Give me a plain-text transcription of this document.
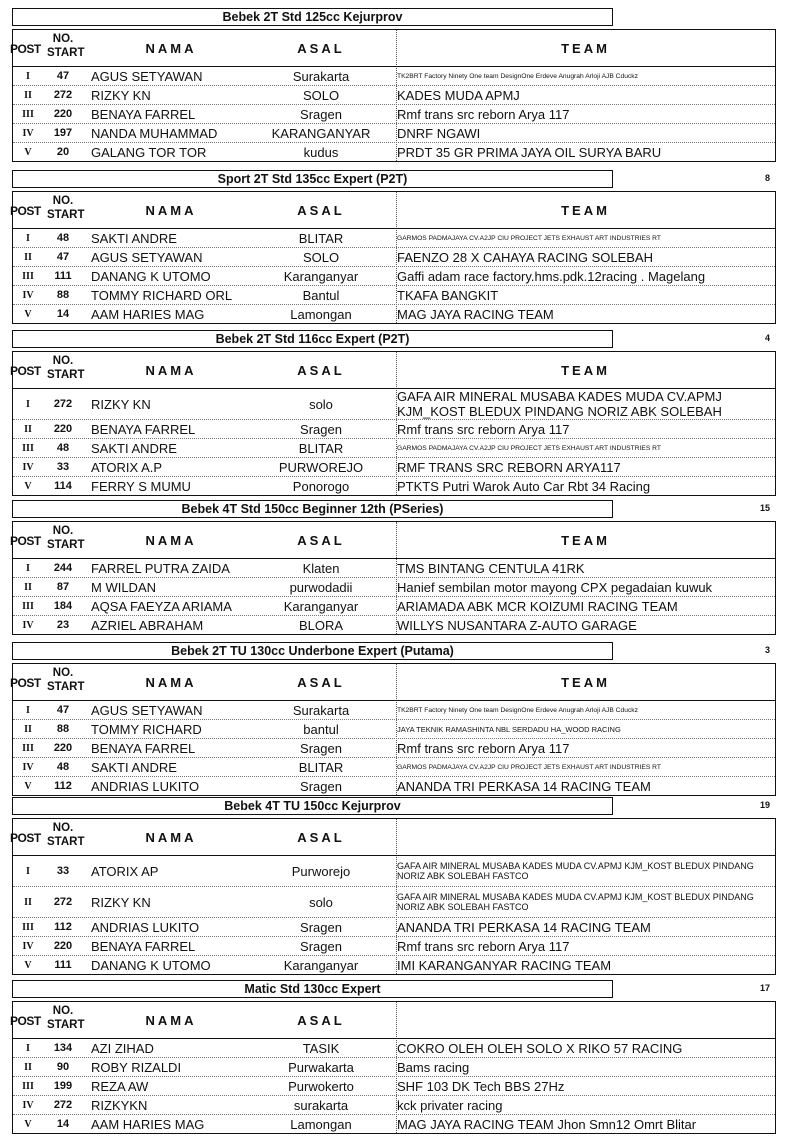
Bebek 2T Std 125cc Kejurprov
POST
NO.
START	NAMA	ASAL	TEAM
I	47	AGUS SETYAWAN	Surakarta	TK2BRT Factory Ninety One team DesignOne Erdeve Anugrah Arloji AJB Cduckz
II	272	RIZKY KN	SOLO	KADES MUDA APMJ
III	220	BENAYA FARREL	Sragen	Rmf trans src reborn Arya 117
IV	197	NANDA MUHAMMAD	KARANGANYAR	DNRF NGAWI
V	20	GALANG TOR TOR	kudus	PRDT 35 GR PRIMA JAYA OIL SURYA BARU
Sport 2T Std 135cc Expert (P2T)	8
POST
NO.
START	NAMA	ASAL	TEAM
I	48	SAKTI ANDRE	BLITAR	GARMOS PADMAJAYA CV.A2JP CIU PROJECT JETS EXHAUST ART INDUSTRIES RT
II	47	AGUS SETYAWAN	SOLO	FAENZO 28 X CAHAYA RACING SOLEBAH
III	111	DANANG K UTOMO	Karanganyar	Gaffi adam race factory.hms.pdk.12racing . Magelang
IV	88	TOMMY RICHARD ORL	Bantul	TKAFA BANGKIT
V	14	AAM HARIES MAG	Lamongan	MAG JAYA RACING TEAM
Bebek 2T Std 116cc Expert (P2T)	4
POST
NO.
START	NAMA	ASAL	TEAM
I	272	RIZKY KN	solo	GAFA AIR MINERAL MUSABA KADES MUDA CV.APMJ KJM_KOST BLEDUX PINDANG NORIZ ABK SOLEBAH
II	220	BENAYA FARREL	Sragen	Rmf trans src reborn Arya 117
III	48	SAKTI ANDRE	BLITAR	GARMOS PADMAJAYA CV.A2JP CIU PROJECT JETS EXHAUST ART INDUSTRIES RT
IV	33	ATORIX A.P	PURWOREJO	RMF TRANS SRC REBORN ARYA117
V	114	FERRY S MUMU	Ponorogo	PTKTS Putri Warok Auto Car Rbt 34 Racing
Bebek 4T Std 150cc Beginner 12th (PSeries)	15
POST
NO.
START	NAMA	ASAL	TEAM
I	244	FARREL PUTRA ZAIDA	Klaten	TMS BINTANG CENTULA 41RK
II	87	M WILDAN	purwodadii	Hanief sembilan motor mayong CPX pegadaian kuwuk
III	184	AQSA FAEYZA ARIAMA	Karanganyar	ARIAMADA ABK MCR KOIZUMI RACING TEAM
IV	23	AZRIEL ABRAHAM	BLORA	WILLYS NUSANTARA Z-AUTO GARAGE
Bebek 2T TU 130cc Underbone Expert (Putama)	3
POST
NO.
START	NAMA	ASAL	TEAM
I	47	AGUS SETYAWAN	Surakarta	TK2BRT Factory Ninety One team DesignOne Erdeve Anugrah Arloji AJB Cduckz
II	88	TOMMY RICHARD	bantul	JAYA TEKNIK RAMASHINTA NBL SERDADU HA_WOOD RACING
III	220	BENAYA FARREL	Sragen	Rmf trans src reborn Arya 117
IV	48	SAKTI ANDRE	BLITAR	GARMOS PADMAJAYA CV.A2JP CIU PROJECT JETS EXHAUST ART INDUSTRIES RT
V	112	ANDRIAS LUKITO	Sragen	ANANDA TRI PERKASA 14 RACING TEAM
Bebek 4T TU 150cc Kejurprov	19
POST
NO.
START	NAMA	ASAL
I	33	ATORIX AP	Purworejo	GAFA AIR MINERAL MUSABA KADES MUDA CV.APMJ KJM_KOST BLEDUX PINDANG NORIZ ABK SOLEBAH FASTCO
II	272	RIZKY KN	solo	GAFA AIR MINERAL MUSABA KADES MUDA CV.APMJ KJM_KOST BLEDUX PINDANG NORIZ ABK SOLEBAH FASTCO
III	112	ANDRIAS LUKITO	Sragen	ANANDA TRI PERKASA 14 RACING TEAM
IV	220	BENAYA FARREL	Sragen	Rmf trans src reborn Arya 117
V	111	DANANG K UTOMO	Karanganyar	IMI KARANGANYAR RACING TEAM
Matic Std 130cc Expert	17
POST
NO.
START	NAMA	ASAL
I	134	AZI ZIHAD	TASIK	COKRO OLEH OLEH SOLO X RIKO 57 RACING
II	90	ROBY RIZALDI	Purwakarta	Bams racing
III	199	REZA AW	Purwokerto	SHF 103 DK Tech BBS 27Hz
IV	272	RIZKYKN	surakarta	kck privater racing
V	14	AAM HARIES MAG	Lamongan	MAG JAYA RACING TEAM Jhon Smn12 Omrt Blitar
